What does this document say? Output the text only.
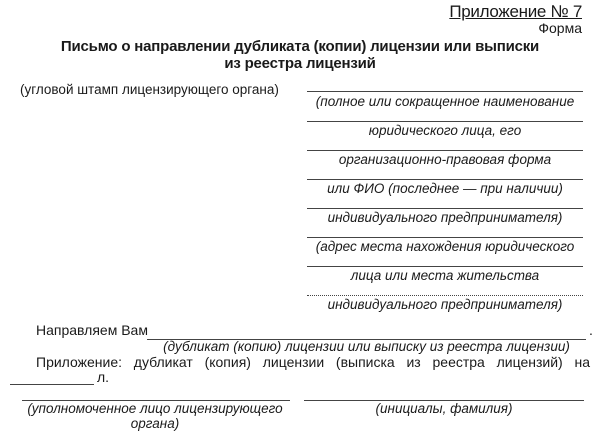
Приложение № 7
Форма
Письмо о направлении дубликата (копии) лицензии или выписки
из реестра лицензий
(угловой штамп лицензирующего органа)
(полное или сокращенное наименование
юридического лица, его
организационно-правовая форма
или ФИО (последнее — при наличии)
индивидуального предпринимателя)
(адрес места нахождения юридического
лица или места жительства
индивидуального предпринимателя)
Направляем Вам	.
(дубликат (копию) лицензии или выписку из реестра лицензии)
Приложение: дубликат (копия) лицензии (выписка из реестра лицензий) на
л.
(уполномоченное лицо лицензирующего
органа)
(инициалы, фамилия)
